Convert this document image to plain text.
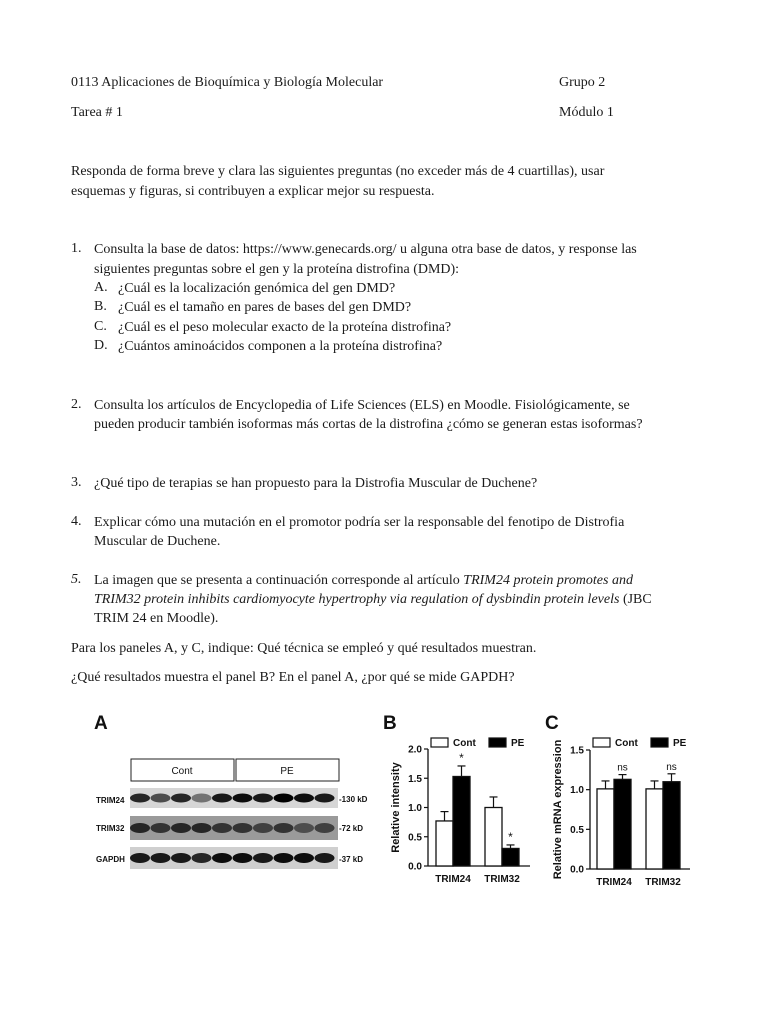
0113 Aplicaciones de Bioquímica y Biología Molecular	Grupo 2
Tarea # 1	Módulo 1
Responda de forma breve y clara las siguientes preguntas (no exceder más de 4 cuartillas), usar
esquemas y figuras, si contribuyen a explicar mejor su respuesta.
1. Consulta la base de datos: https://www.genecards.org/ u alguna otra base de datos, y response las
siguientes preguntas sobre el gen y la proteína distrofina (DMD):
A. ¿Cuál es la localización genómica del gen DMD?
B. ¿Cuál es el tamaño en pares de bases del gen DMD?
C. ¿Cuál es el peso molecular exacto de la proteína distrofina?
D. ¿Cuántos aminoácidos componen a la proteína distrofina?
2. Consulta los artículos de Encyclopedia of Life Sciences (ELS) en Moodle. Fisiológicamente, se
pueden producir también isoformas más cortas de la distrofina ¿cómo se generan estas isoformas?
3. ¿Qué tipo de terapias se han propuesto para la Distrofia Muscular de Duchene?
4. Explicar cómo una mutación en el promotor podría ser la responsable del fenotipo de Distrofia
Muscular de Duchene.
5. La imagen que se presenta a continuación corresponde al artículo TRIM24 protein promotes and
TRIM32 protein inhibits cardiomyocyte hypertrophy via regulation of dysbindin protein levels (JBC
TRIM 24 en Moodle).
Para los paneles A, y C, indique: Qué técnica se empleó y qué resultados muestran.
¿Qué resultados muestra el panel B? En el panel A, ¿por qué se mide GAPDH?
A
Cont	PE
TRIM24	-130 kD
TRIM32	-72 kD
GAPDH	-37 kD
B
0.0
0.5
1.0
1.5
2.0
Relative intensity
*
TRIM24
*
TRIM32
Cont	PE
C
0.0
0.5
1.0
1.5
Relative mRNA expression	ns
TRIM24
ns
TRIM32
Cont	PE
